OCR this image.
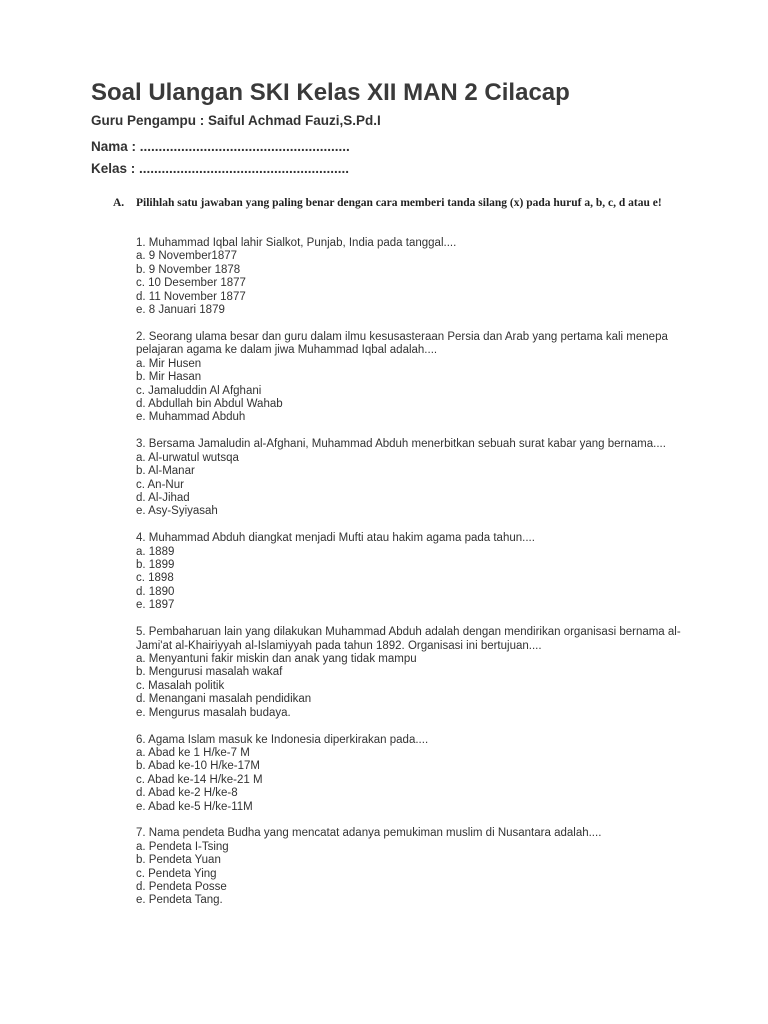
Soal Ulangan SKI Kelas XII MAN 2 Cilacap

Guru Pengampu : Saiful Achmad Fauzi,S.Pd.I

Nama : ........................................................

Kelas : ........................................................

A. Pilihlah satu jawaban yang paling benar dengan cara memberi tanda silang (x) pada huruf a, b, c, d atau e!
1. Muhammad Iqbal lahir Sialkot, Punjab, India pada tanggal....
a. 9 November1877
b. 9 November 1878
c. 10 Desember 1877
d. 11 November 1877
e. 8 Januari 1879
2. Seorang ulama besar dan guru dalam ilmu kesusasteraan Persia dan Arab yang pertama kali menepa pelajaran agama ke dalam jiwa Muhammad Iqbal adalah....
a. Mir Husen
b. Mir Hasan
c. Jamaluddin Al Afghani
d. Abdullah bin Abdul Wahab
e. Muhammad Abduh
3. Bersama Jamaludin al-Afghani, Muhammad Abduh menerbitkan sebuah surat kabar yang bernama....
a. Al-urwatul wutsqa
b. Al-Manar
c. An-Nur
d. Al-Jihad
e. Asy-Syiyasah
4. Muhammad Abduh diangkat menjadi Mufti atau hakim agama pada tahun....
a. 1889
b. 1899
c. 1898
d. 1890
e. 1897
5. Pembaharuan lain yang dilakukan Muhammad Abduh adalah dengan mendirikan organisasi bernama al-Jami'at al-Khairiyyah al-Islamiyyah pada tahun 1892. Organisasi ini bertujuan....
a. Menyantuni fakir miskin dan anak yang tidak mampu
b. Mengurusi masalah wakaf
c. Masalah politik
d. Menangani masalah pendidikan
e. Mengurus masalah budaya.
6. Agama Islam masuk ke Indonesia diperkirakan pada....
a. Abad ke 1 H/ke-7 M
b. Abad ke-10 H/ke-17M
c. Abad ke-14 H/ke-21 M
d. Abad ke-2 H/ke-8
e. Abad ke-5 H/ke-11M
7. Nama pendeta Budha yang mencatat adanya pemukiman muslim di Nusantara adalah....
a. Pendeta I-Tsing
b. Pendeta Yuan
c. Pendeta Ying
d. Pendeta Posse
e. Pendeta Tang.
